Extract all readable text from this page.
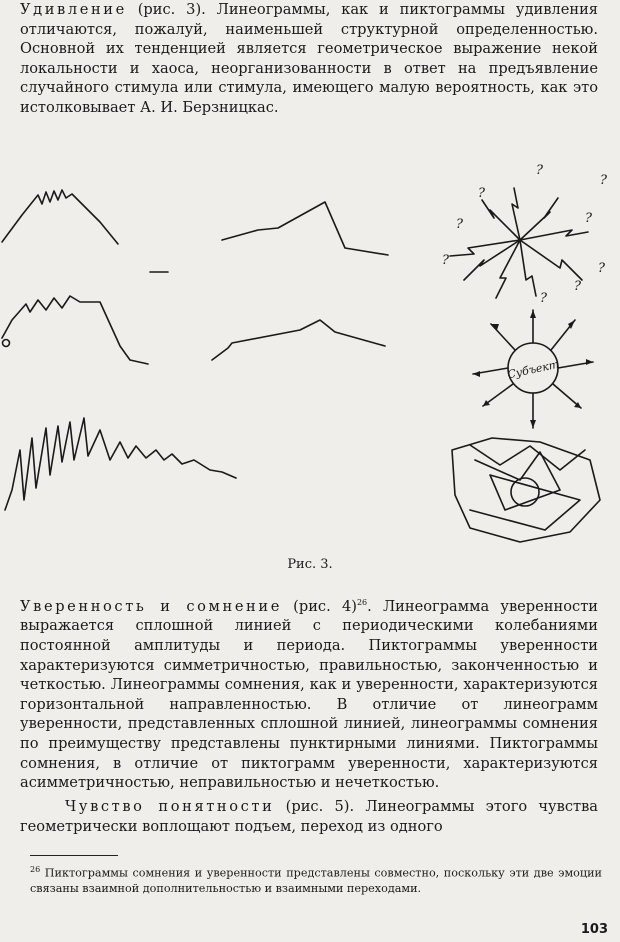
Удивление (рис. 3). Линеограммы, как и пиктограммы удивления отличаются, пожалуй, наименьшей структурной определенностью. Основной их тенденцией является геометрическое выражение некой локальности и хаоса, неорганизованности в ответ на предъявление случайного стимула или стимула, имеющего малую вероятность, как это истолковывает А. И. Берзницкас.

?
?
?
?	?
?
?
?
?
Субъект
Рис. 3.

Уверенность и сомнение (рис. 4)$^{26}$. Линеограмма уверенности выражается сплошной линией с периодическими колебаниями постоянной амплитуды и периода. Пиктограммы уверенности характеризуются симметричностью, правильностью, законченностью и четкостью. Линеограммы сомнения, как и уверенности, характеризуются горизонтальной направленностью. В отличие от линеограмм уверенности, представленных сплошной линией, линеограммы сомнения по преимуществу представлены пунктирными линиями. Пиктограммы сомнения, в отличие от пиктограмм уверенности, характеризуются асимметричностью, неправильностью и нечеткостью.

Чувство понятности (рис. 5). Линеограммы этого чувства геометрически воплощают подъем, переход из одного

$^{26}$ Пиктограммы сомнения и уверенности представлены совместно, поскольку эти две эмоции связаны взаимной дополнительностью и взаимными переходами.

103
